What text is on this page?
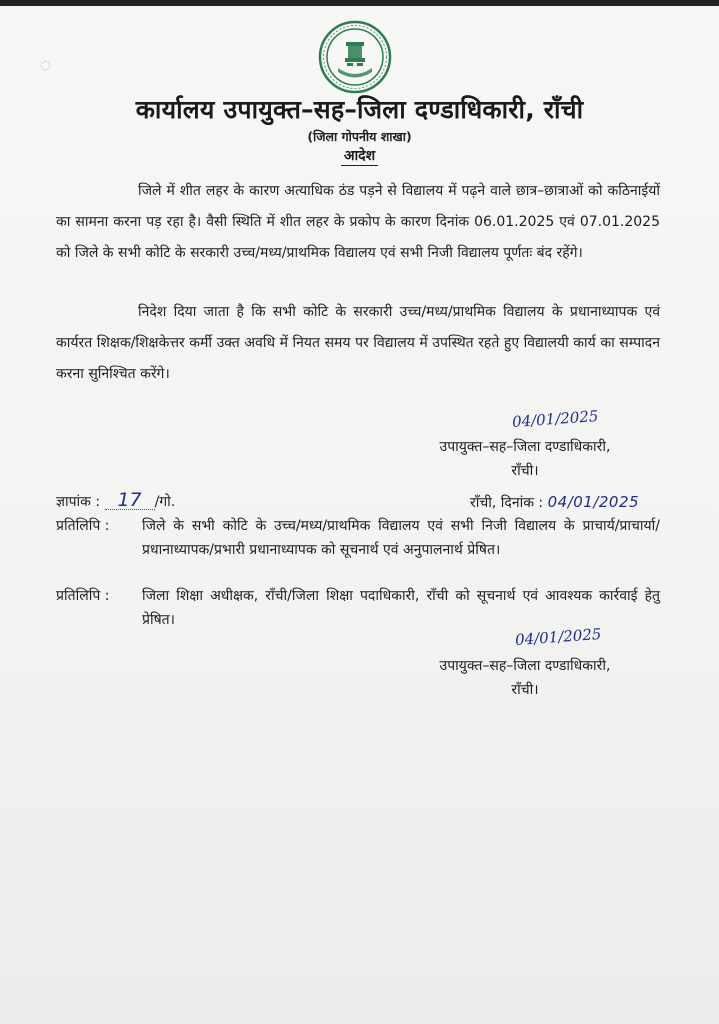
◌
कार्यालय उपायुक्त–सह–जिला दण्डाधिकारी, राँची
(जिला गोपनीय शाखा)
आदेश
जिले में शीत लहर के कारण अत्याधिक ठंड पड़ने से विद्यालय में पढ़ने वाले छात्र–छात्राओं को कठिनाईयों का सामना करना पड़ रहा है। वैसी स्थिति में शीत लहर के प्रकोप के कारण दिनांक 06.01.2025 एवं 07.01.2025 को जिले के सभी कोटि के सरकारी उच्च/मध्य/प्राथमिक विद्यालय एवं सभी निजी विद्यालय पूर्णतः बंद रहेंगे।
निदेश दिया जाता है कि सभी कोटि के सरकारी उच्च/मध्य/प्राथमिक विद्यालय के प्रधानाध्यापक एवं कार्यरत शिक्षक/शिक्षकेत्तर कर्मी उक्त अवधि में नियत समय पर विद्यालय में उपस्थित रहते हुए विद्यालयी कार्य का सम्पादन करना सुनिश्चित करेंगे।
04/01/2025
उपायुक्त–सह–जिला दण्डाधिकारी,
राँची।
ज्ञापांक : 17 /गो.	राँची, दिनांक : 04/01/2025
प्रतिलिपि : जिले के सभी कोटि के उच्च/मध्य/प्राथमिक विद्यालय एवं सभी निजी विद्यालय के प्राचार्य/प्राचार्या/प्रधानाध्यापक/प्रभारी प्रधानाध्यापक को सूचनार्थ एवं अनुपालनार्थ प्रेषित।
प्रतिलिपि : जिला शिक्षा अधीक्षक, राँची/जिला शिक्षा पदाधिकारी, राँची को सूचनार्थ एवं आवश्यक कार्रवाई हेतु प्रेषित।
04/01/2025
उपायुक्त–सह–जिला दण्डाधिकारी,
राँची।
